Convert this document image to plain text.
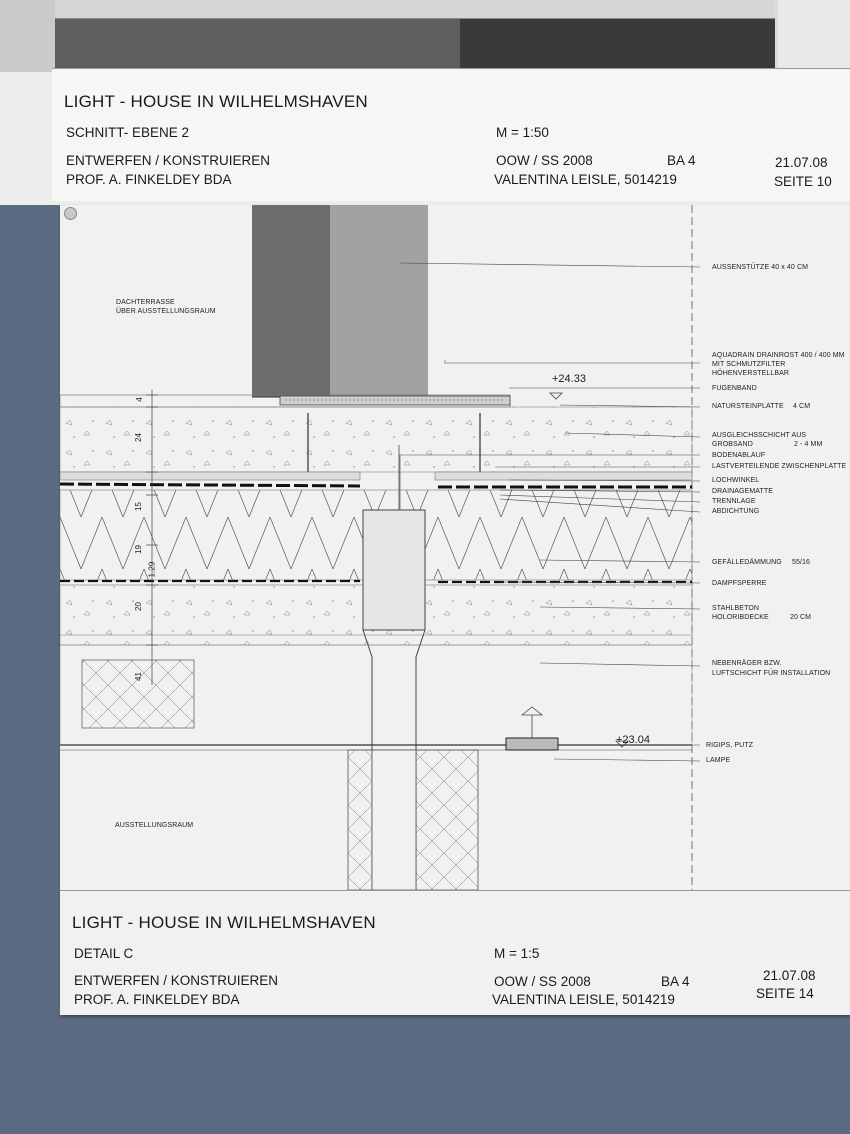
LIGHT - HOUSE IN WILHELMSHAVEN
SCHNITT- EBENE 2	M = 1:50
ENTWERFEN / KONSTRUIEREN
PROF. A. FINKELDEY BDA
OOW / SS 2008	BA 4
VALENTINA LEISLE, 5014219
21.07.08
SEITE 10
DACHTERRASSE
ÜBER AUSSTELLUNGSRAUM
AUSSTELLUNGSRAUM
+24.33
+23.04
4
24
15
19
1.29
20
41
AUSSENSTÜTZE 40 x 40 CM
AQUADRAIN DRAINROST 400 / 400 MM
MIT SCHMUTZFILTER
HÖHENVERSTELLBAR
FUGENBAND
NATURSTEINPLATTE 4 CM
AUSGLEICHSSCHICHT AUS
GROBSAND	2 - 4 MM
BODENABLAUF
LASTVERTEILENDE ZWISCHENPLATTE
LOCHWINKEL
DRAINAGEMATTE
TRENNLAGE
ABDICHTUNG
GEFÄLLEDÄMMUNG 55/16
DAMPFSPERRE
STAHLBETON
HOLORIBDECKE	20 CM
NEBENRÄGER BZW.
LUFTSCHICHT FÜR INSTALLATION
RIGIPS, PUTZ
LAMPE
LIGHT - HOUSE IN WILHELMSHAVEN
DETAIL C	M = 1:5
ENTWERFEN / KONSTRUIEREN
PROF. A. FINKELDEY BDA
OOW / SS 2008	BA 4
VALENTINA LEISLE, 5014219
21.07.08
SEITE 14
